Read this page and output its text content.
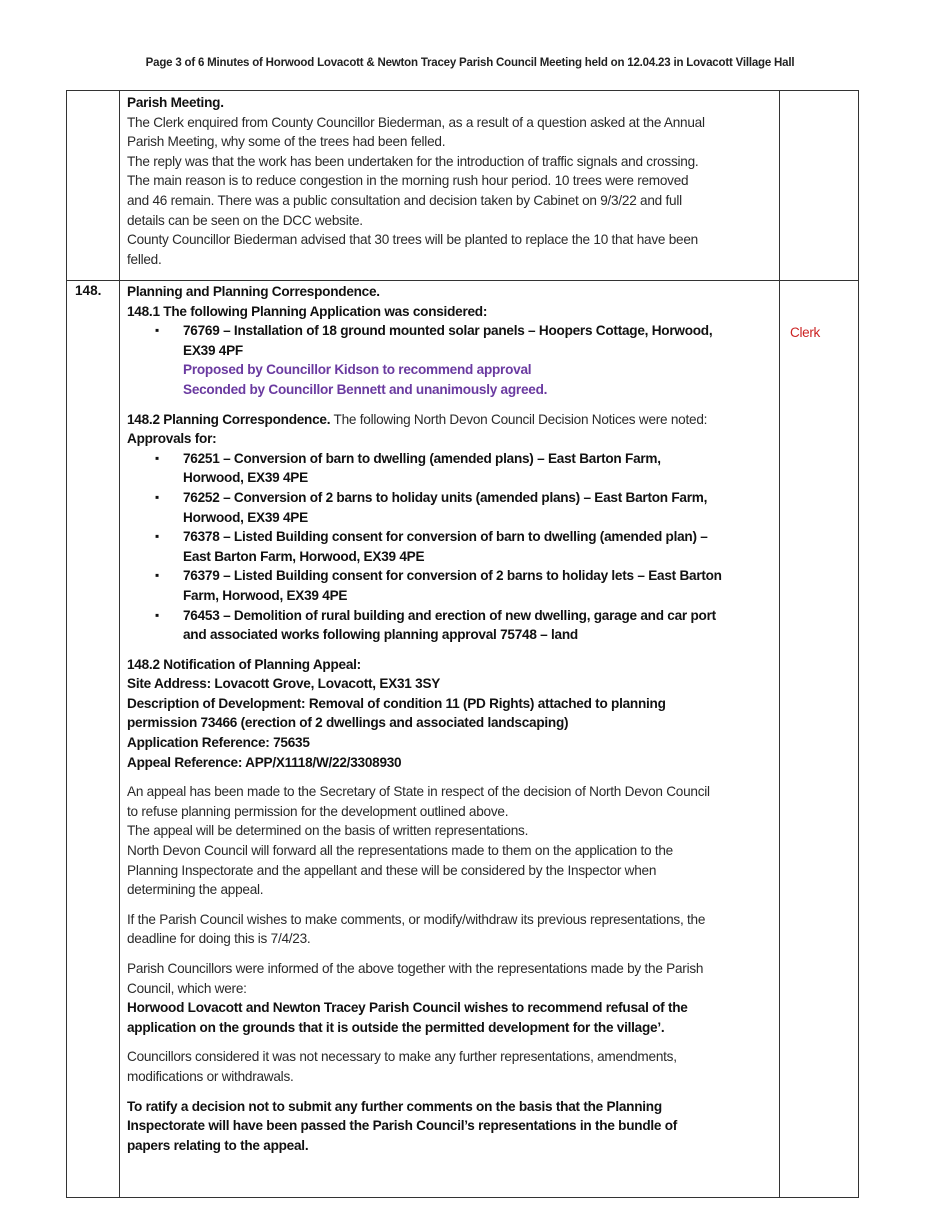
Page 3 of 6 Minutes of Horwood Lovacott & Newton Tracey Parish Council Meeting held on 12.04.23 in Lovacott Village Hall
Parish Meeting.
The Clerk enquired from County Councillor Biederman, as a result of a question asked at the Annual
Parish Meeting, why some of the trees had been felled.
The reply was that the work has been undertaken for the introduction of traffic signals and crossing.
The main reason is to reduce congestion in the morning rush hour period. 10 trees were removed
and 46 remain. There was a public consultation and decision taken by Cabinet on 9/3/22 and full
details can be seen on the DCC website.
County Councillor Biederman advised that 30 trees will be planted to replace the 10 that have been
felled.
148.
Clerk
Planning and Planning Correspondence.
148.1 The following Planning Application was considered:
▪ 76769 – Installation of 18 ground mounted solar panels – Hoopers Cottage, Horwood,
EX39 4PF
Proposed by Councillor Kidson to recommend approval
Seconded by Councillor Bennett and unanimously agreed.
148.2 Planning Correspondence. The following North Devon Council Decision Notices were noted:
Approvals for:
▪ 76251 – Conversion of barn to dwelling (amended plans) – East Barton Farm,
Horwood, EX39 4PE
▪ 76252 – Conversion of 2 barns to holiday units (amended plans) – East Barton Farm,
Horwood, EX39 4PE
▪ 76378 – Listed Building consent for conversion of barn to dwelling (amended plan) –
East Barton Farm, Horwood, EX39 4PE
▪ 76379 – Listed Building consent for conversion of 2 barns to holiday lets – East Barton
Farm, Horwood, EX39 4PE
▪ 76453 – Demolition of rural building and erection of new dwelling, garage and car port
and associated works following planning approval 75748 – land
148.2 Notification of Planning Appeal:
Site Address: Lovacott Grove, Lovacott, EX31 3SY
Description of Development: Removal of condition 11 (PD Rights) attached to planning
permission 73466 (erection of 2 dwellings and associated landscaping)
Application Reference: 75635
Appeal Reference: APP/X1118/W/22/3308930
An appeal has been made to the Secretary of State in respect of the decision of North Devon Council
to refuse planning permission for the development outlined above.
The appeal will be determined on the basis of written representations.
North Devon Council will forward all the representations made to them on the application to the
Planning Inspectorate and the appellant and these will be considered by the Inspector when
determining the appeal.
If the Parish Council wishes to make comments, or modify/withdraw its previous representations, the
deadline for doing this is 7/4/23.
Parish Councillors were informed of the above together with the representations made by the Parish
Council, which were:
Horwood Lovacott and Newton Tracey Parish Council wishes to recommend refusal of the
application on the grounds that it is outside the permitted development for the village’.
Councillors considered it was not necessary to make any further representations, amendments,
modifications or withdrawals.
To ratify a decision not to submit any further comments on the basis that the Planning
Inspectorate will have been passed the Parish Council’s representations in the bundle of
papers relating to the appeal.
